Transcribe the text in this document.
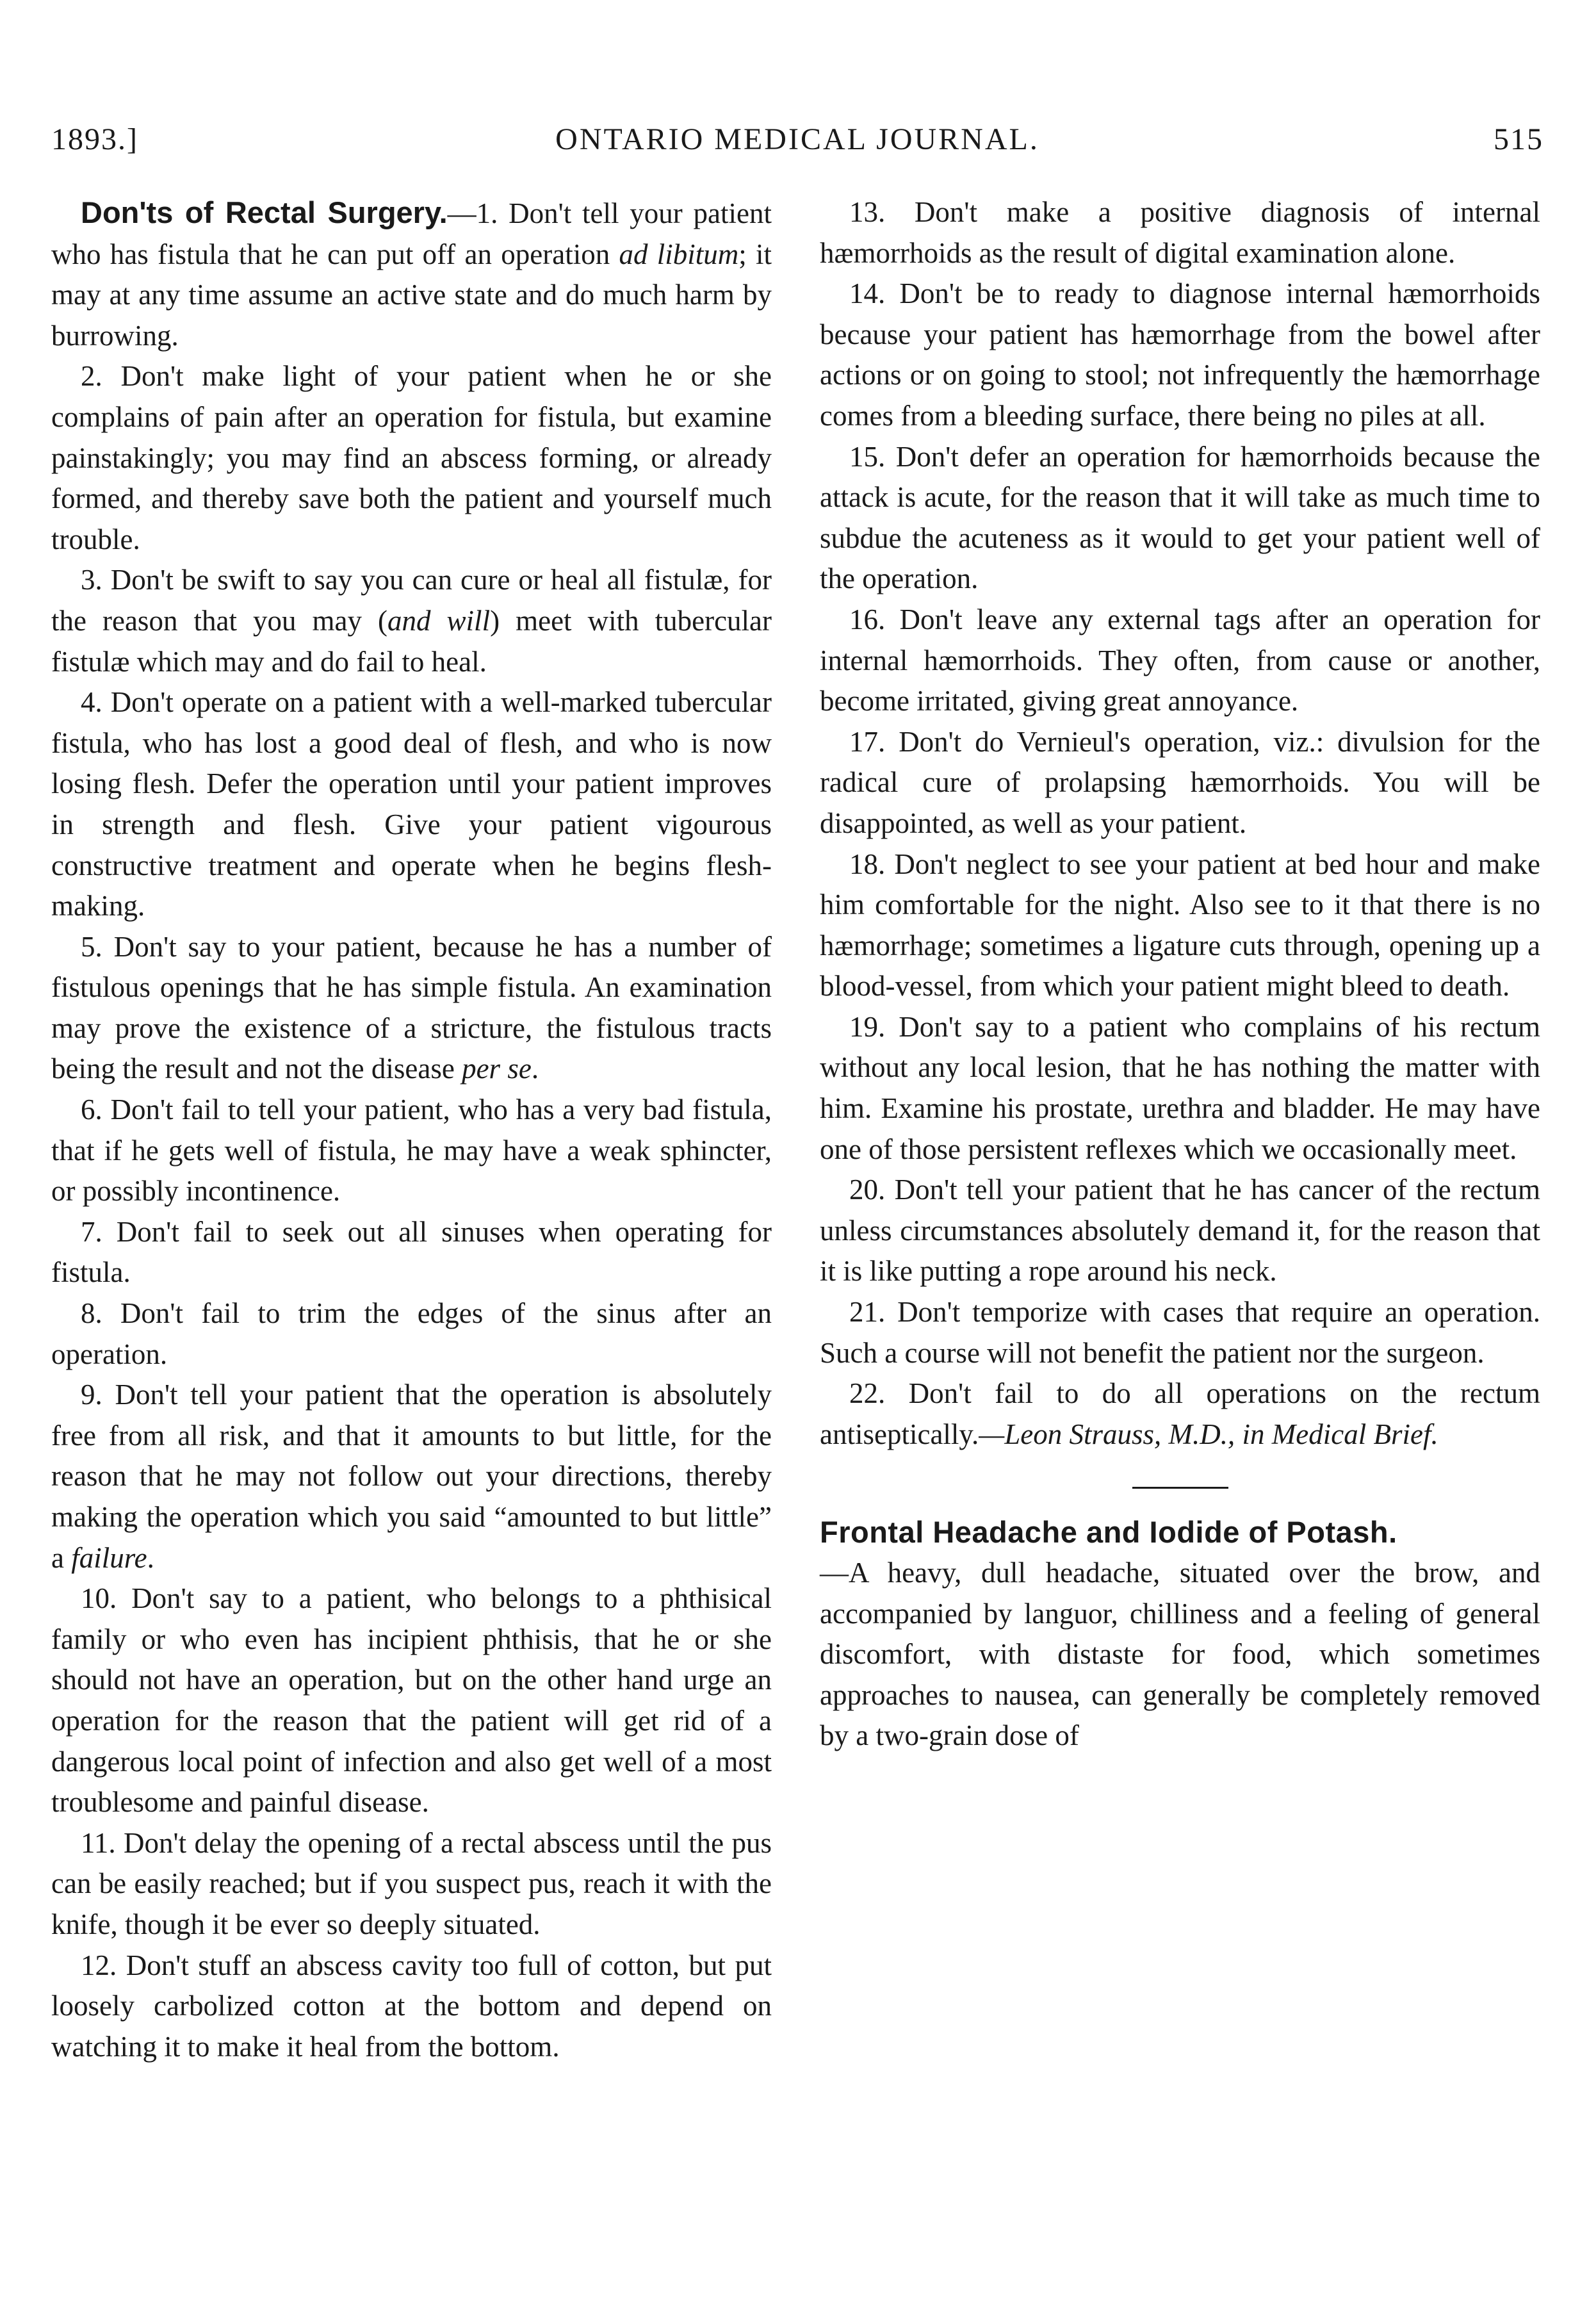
1893.]	ONTARIO MEDICAL JOURNAL.	515

Don'ts of Rectal Surgery.—1. Don't tell your patient who has fistula that he can put off an operation ad libitum; it may at any time assume an active state and do much harm by burrowing.

2. Don't make light of your patient when he or she complains of pain after an operation for fistula, but examine painstakingly; you may find an abscess forming, or already formed, and thereby save both the patient and yourself much trouble.

3. Don't be swift to say you can cure or heal all fistulæ, for the reason that you may (and will) meet with tubercular fistulæ which may and do fail to heal.

4. Don't operate on a patient with a well-marked tubercular fistula, who has lost a good deal of flesh, and who is now losing flesh. Defer the operation until your patient improves in strength and flesh. Give your patient vigourous constructive treatment and operate when he begins flesh-making.

5. Don't say to your patient, because he has a number of fistulous openings that he has simple fistula. An examination may prove the existence of a stricture, the fistulous tracts being the result and not the disease per se.

6. Don't fail to tell your patient, who has a very bad fistula, that if he gets well of fistula, he may have a weak sphincter, or possibly incontinence.

7. Don't fail to seek out all sinuses when operating for fistula.

8. Don't fail to trim the edges of the sinus after an operation.

9. Don't tell your patient that the operation is absolutely free from all risk, and that it amounts to but little, for the reason that he may not follow out your directions, thereby making the operation which you said “amounted to but little” a failure.

10. Don't say to a patient, who belongs to a phthisical family or who even has incipient phthisis, that he or she should not have an operation, but on the other hand urge an operation for the reason that the patient will get rid of a dangerous local point of infection and also get well of a most troublesome and painful disease.

11. Don't delay the opening of a rectal abscess until the pus can be easily reached; but if you suspect pus, reach it with the knife, though it be ever so deeply situated.

12. Don't stuff an abscess cavity too full of cotton, but put loosely carbolized cotton at the bottom and depend on watching it to make it heal from the bottom.

13. Don't make a positive diagnosis of internal hæmorrhoids as the result of digital examination alone.

14. Don't be to ready to diagnose internal hæmorrhoids because your patient has hæmorrhage from the bowel after actions or on going to stool; not infrequently the hæmorrhage comes from a bleeding surface, there being no piles at all.

15. Don't defer an operation for hæmorrhoids because the attack is acute, for the reason that it will take as much time to subdue the acuteness as it would to get your patient well of the operation.

16. Don't leave any external tags after an operation for internal hæmorrhoids. They often, from cause or another, become irritated, giving great annoyance.

17. Don't do Vernieul's operation, viz.: divulsion for the radical cure of prolapsing hæmorrhoids. You will be disappointed, as well as your patient.

18. Don't neglect to see your patient at bed hour and make him comfortable for the night. Also see to it that there is no hæmorrhage; sometimes a ligature cuts through, opening up a blood-vessel, from which your patient might bleed to death.

19. Don't say to a patient who complains of his rectum without any local lesion, that he has nothing the matter with him. Examine his prostate, urethra and bladder. He may have one of those persistent reflexes which we occasionally meet.

20. Don't tell your patient that he has cancer of the rectum unless circumstances absolutely demand it, for the reason that it is like putting a rope around his neck.

21. Don't temporize with cases that require an operation. Such a course will not benefit the patient nor the surgeon.

22. Don't fail to do all operations on the rectum antiseptically.—Leon Strauss, M.D., in Medical Brief.

Frontal Headache and Iodide of Potash.
—A heavy, dull headache, situated over the brow, and accompanied by languor, chilliness and a feeling of general discomfort, with distaste for food, which sometimes approaches to nausea, can generally be completely removed by a two-grain dose of
